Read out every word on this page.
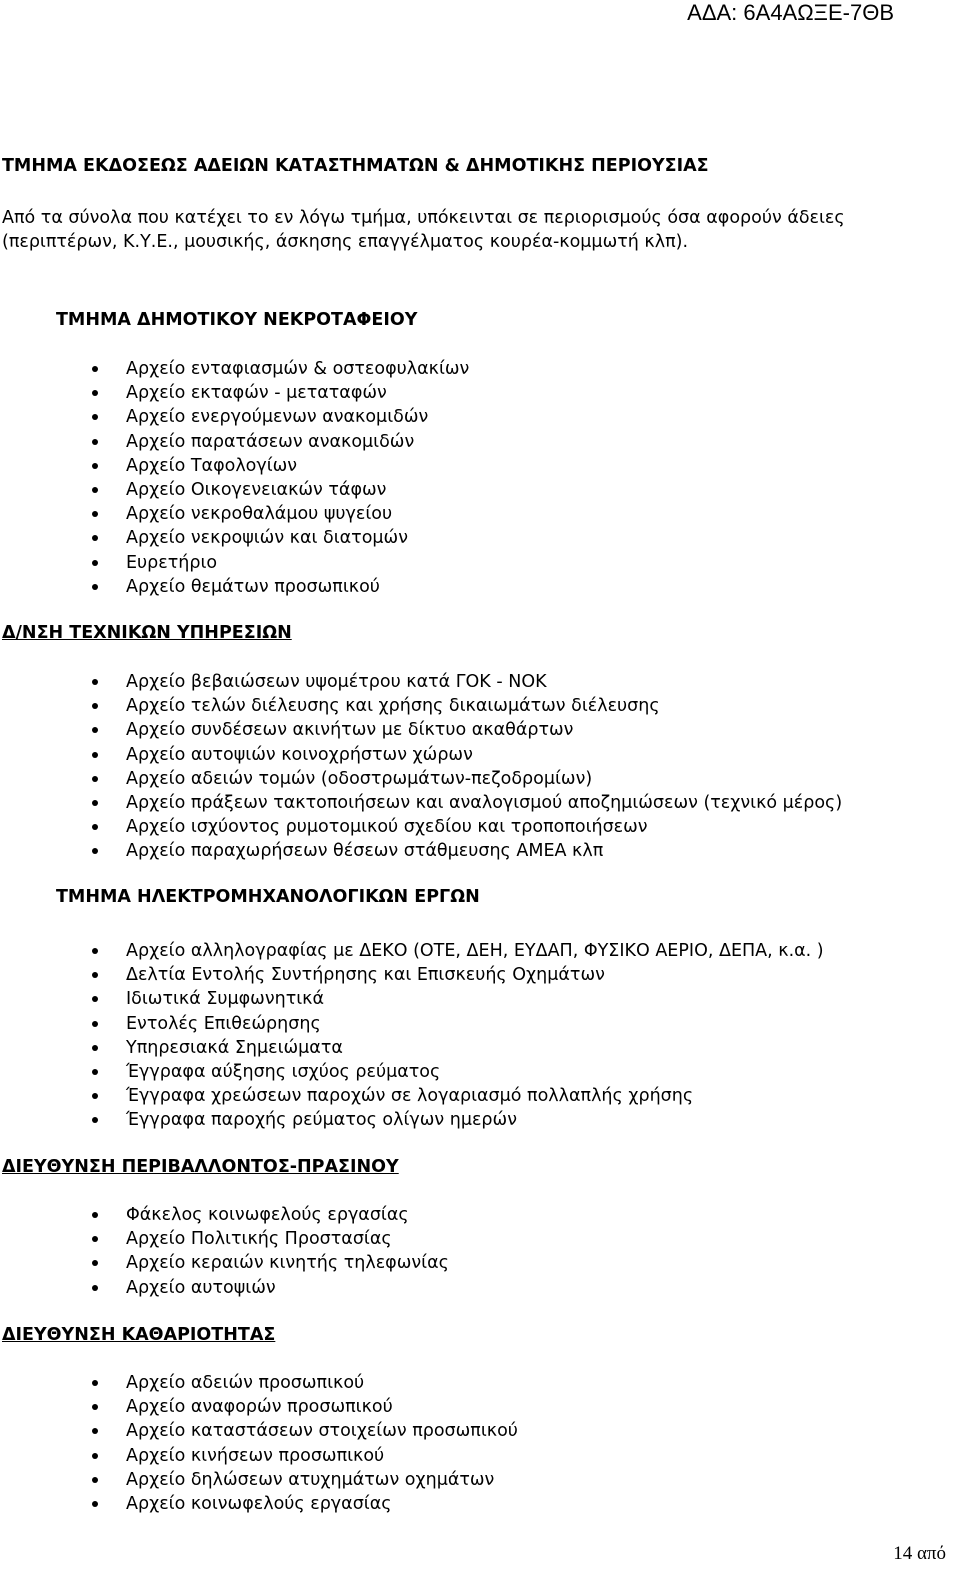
ΑΔΑ: 6Α4ΑΩΞΕ-7ΘΒ
ΤΜΗΜΑ ΕΚΔΟΣΕΩΣ ΑΔΕΙΩΝ ΚΑΤΑΣΤΗΜΑΤΩΝ & ΔΗΜΟΤΙΚΗΣ ΠΕΡΙΟΥΣΙΑΣ
Από τα σύνολα που κατέχει το εν λόγω τμήμα, υπόκεινται σε περιορισμούς όσα αφορούν άδειες
(περιπτέρων, Κ.Υ.Ε., μουσικής, άσκησης επαγγέλματος κουρέα-κομμωτή κλπ).
ΤΜΗΜΑ ΔΗΜΟΤΙΚΟΥ ΝΕΚΡΟΤΑΦΕΙΟΥ
Αρχείο ενταφιασμών & οστεοφυλακίων
Αρχείο εκταφών - μεταταφών
Αρχείο ενεργούμενων ανακομιδών
Αρχείο παρατάσεων ανακομιδών
Αρχείο Ταφολογίων
Αρχείο Οικογενειακών τάφων
Αρχείο νεκροθαλάμου ψυγείου
Αρχείο νεκροψιών και διατομών
Ευρετήριο
Αρχείο θεμάτων προσωπικού
Δ/ΝΣΗ ΤΕΧΝΙΚΩΝ ΥΠΗΡΕΣΙΩΝ
Αρχείο βεβαιώσεων υψομέτρου κατά ΓΟΚ - ΝΟΚ
Αρχείο τελών διέλευσης και χρήσης δικαιωμάτων διέλευσης
Αρχείο συνδέσεων ακινήτων με δίκτυο ακαθάρτων
Αρχείο αυτοψιών κοινοχρήστων χώρων
Αρχείο αδειών τομών (οδοστρωμάτων-πεζοδρομίων)
Αρχείο πράξεων τακτοποιήσεων και αναλογισμού αποζημιώσεων (τεχνικό μέρος)
Αρχείο ισχύοντος ρυμοτομικού σχεδίου και τροποποιήσεων
Αρχείο παραχωρήσεων θέσεων στάθμευσης ΑΜΕΑ κλπ
ΤΜΗΜΑ ΗΛΕΚΤΡΟΜΗΧΑΝΟΛΟΓΙΚΩΝ ΕΡΓΩΝ
Αρχείο αλληλογραφίας με ΔΕΚΟ (ΟΤΕ, ΔΕΗ, ΕΥΔΑΠ, ΦΥΣΙΚΟ ΑΕΡΙΟ, ΔΕΠΑ, κ.α. )
Δελτία Εντολής Συντήρησης και Επισκευής Οχημάτων
Ιδιωτικά Συμφωνητικά
Εντολές Επιθεώρησης
Υπηρεσιακά Σημειώματα
Έγγραφα αύξησης ισχύος ρεύματος
Έγγραφα χρεώσεων παροχών σε λογαριασμό πολλαπλής χρήσης
Έγγραφα παροχής ρεύματος ολίγων ημερών
ΔΙΕΥΘΥΝΣΗ ΠΕΡΙΒΑΛΛΟΝΤΟΣ-ΠΡΑΣΙΝΟΥ
Φάκελος κοινωφελούς εργασίας
Αρχείο Πολιτικής Προστασίας
Αρχείο κεραιών κινητής τηλεφωνίας
Αρχείο αυτοψιών
ΔΙΕΥΘΥΝΣΗ ΚΑΘΑΡΙΟΤΗΤΑΣ
Αρχείο αδειών προσωπικού
Αρχείο αναφορών προσωπικού
Αρχείο καταστάσεων στοιχείων προσωπικού
Αρχείο κινήσεων προσωπικού
Αρχείο δηλώσεων ατυχημάτων οχημάτων
Αρχείο κοινωφελούς εργασίας
14 από
